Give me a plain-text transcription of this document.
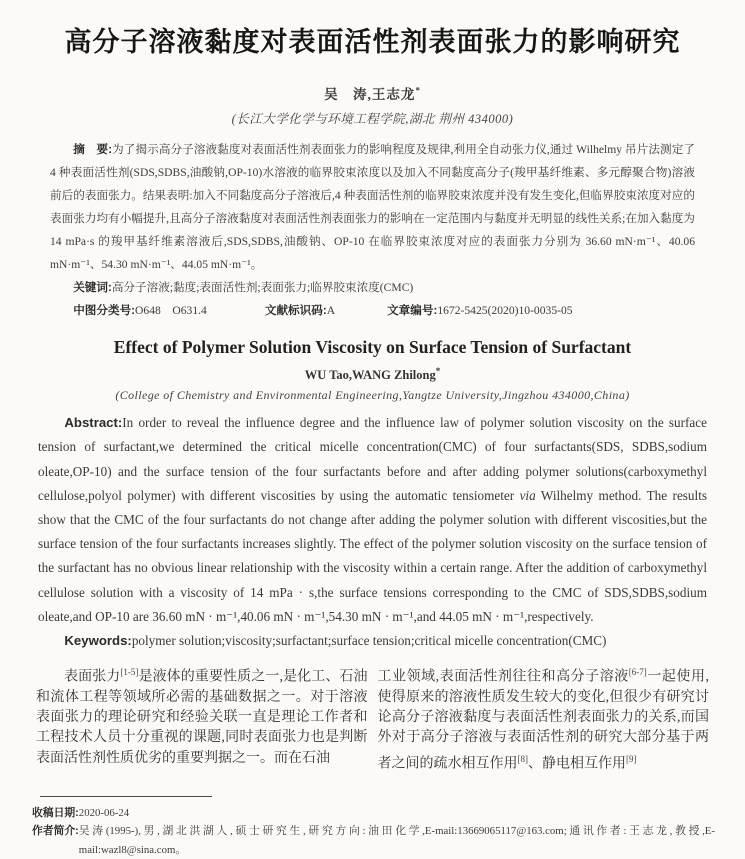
高分子溶液黏度对表面活性剂表面张力的影响研究
吴　涛,王志龙*
(长江大学化学与环境工程学院,湖北 荆州 434000)

摘　要:为了揭示高分子溶液黏度对表面活性剂表面张力的影响程度及规律,利用全自动张力仪,通过 Wilhelmy 吊片法测定了 4 种表面活性剂(SDS,SDBS,油酸钠,OP-10)水溶液的临界胶束浓度以及加入不同黏度高分子(羧甲基纤维素、多元醇聚合物)溶液前后的表面张力。结果表明:加入不同黏度高分子溶液后,4 种表面活性剂的临界胶束浓度并没有发生变化,但临界胶束浓度对应的表面张力均有小幅提升,且高分子溶液黏度对表面活性剂表面张力的影响在一定范围内与黏度并无明显的线性关系;在加入黏度为 14 mPa·s 的羧甲基纤维素溶液后,SDS,SDBS,油酸钠、OP-10 在临界胶束浓度对应的表面张力分别为 36.60 mN·m⁻¹、40.06 mN·m⁻¹、54.30 mN·m⁻¹、44.05 mN·m⁻¹。

关键词:高分子溶液;黏度;表面活性剂;表面张力;临界胶束浓度(CMC)
中图分类号:O648　O631.4	文献标识码:A	文章编号:1672-5425(2020)10-0035-05
Effect of Polymer Solution Viscosity on Surface Tension of Surfactant
WU Tao,WANG Zhilong*
(College of Chemistry and Environmental Engineering,Yangtze University,Jingzhou 434000,China)

Abstract:In order to reveal the influence degree and the influence law of polymer solution viscosity on the surface tension of surfactant,we determined the critical micelle concentration(CMC) of four surfactants(SDS, SDBS,sodium oleate,OP-10) and the surface tension of the four surfactants before and after adding polymer solutions(carboxymethyl cellulose,polyol polymer) with different viscosities by using the automatic tensiometer via Wilhelmy method. The results show that the CMC of the four surfactants do not change after adding the polymer solution with different viscosities,but the surface tension of the four surfactants increases slightly. The effect of the polymer solution viscosity on the surface tension of the surfactant has no obvious linear relationship with the viscosity within a certain range. After the addition of carboxymethyl cellulose solution with a viscosity of 14 mPa · s,the surface tensions corresponding to the CMC of SDS,SDBS,sodium oleate,and OP-10 are 36.60 mN · m⁻¹,40.06 mN · m⁻¹,54.30 mN · m⁻¹,and 44.05 mN · m⁻¹,respectively.

Keywords:polymer solution;viscosity;surfactant;surface tension;critical micelle concentration(CMC)

表面张力[1-5]是液体的重要性质之一,是化工、石油和流体工程等领域所必需的基础数据之一。对于溶液表面张力的理论研究和经验关联一直是理论工作者和工程技术人员十分重视的课题,同时表面张力也是判断表面活性剂性质优劣的重要判据之一。而在石油

工业领域,表面活性剂往往和高分子溶液[6-7]一起使用,使得原来的溶液性质发生较大的变化,但很少有研究讨论高分子溶液黏度与表面活性剂表面张力的关系,而国外对于高分子溶液与表面活性剂的研究大部分基于两者之间的疏水相互作用[8]、静电相互作用[9]

收稿日期: 2020-06-24
作者简介: 吴涛(1995-),男,湖北洪湖人,硕士研究生,研究方向:油田化学,E-mail:13669065117@163.com;通讯作者:王志龙,教授,E-mail:wazl8@sina.com。
